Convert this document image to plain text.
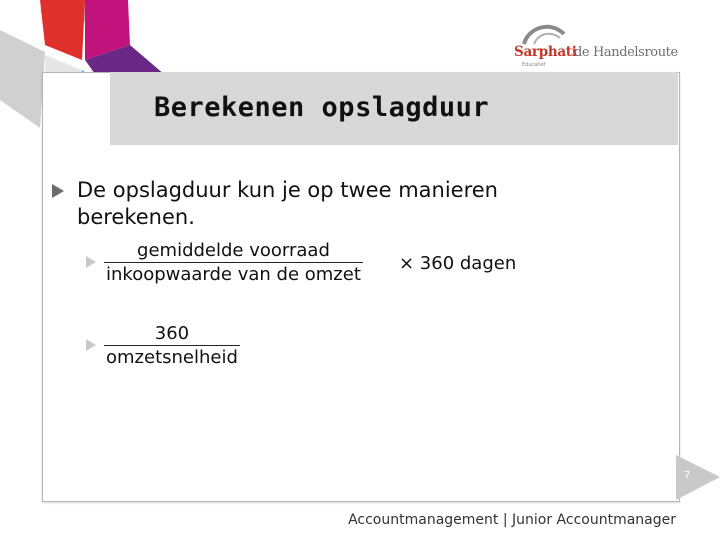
Sarphati
de Handelsroute
Educatief
Berekenen opslagduur
De opslagduur kun je op twee manieren berekenen.
gemiddelde voorraad
inkoopwaarde van de omzet
× 360 dagen
360
omzetsnelheid
7
Accountmanagement | Junior Accountmanager
